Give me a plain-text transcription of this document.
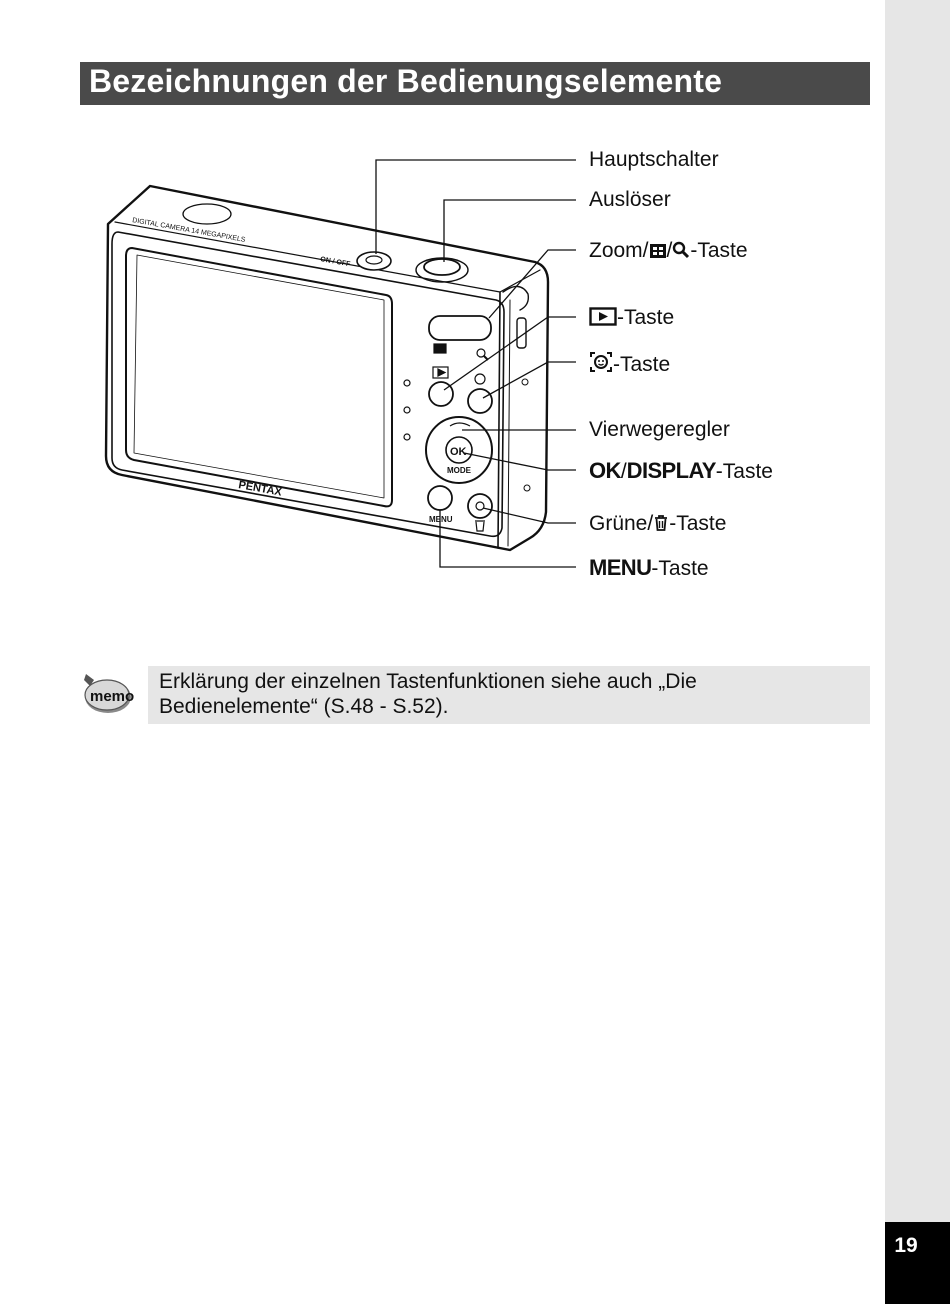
19
Bezeichnungen der Bedienungselemente
DIGITAL CAMERA 14 MEGAPIXELS
ON / OFF
PENTAX
OK
MODE
MENU
Hauptschalter
Auslöser
Zoom/ / -Taste
-Taste
-Taste
Vierwegeregler
OK/DISPLAY-Taste
Grüne/ -Taste
MENU-Taste
memo
Erklärung der einzelnen Tastenfunktionen siehe auch „Die
Bedienelemente“ (S.48 - S.52).
